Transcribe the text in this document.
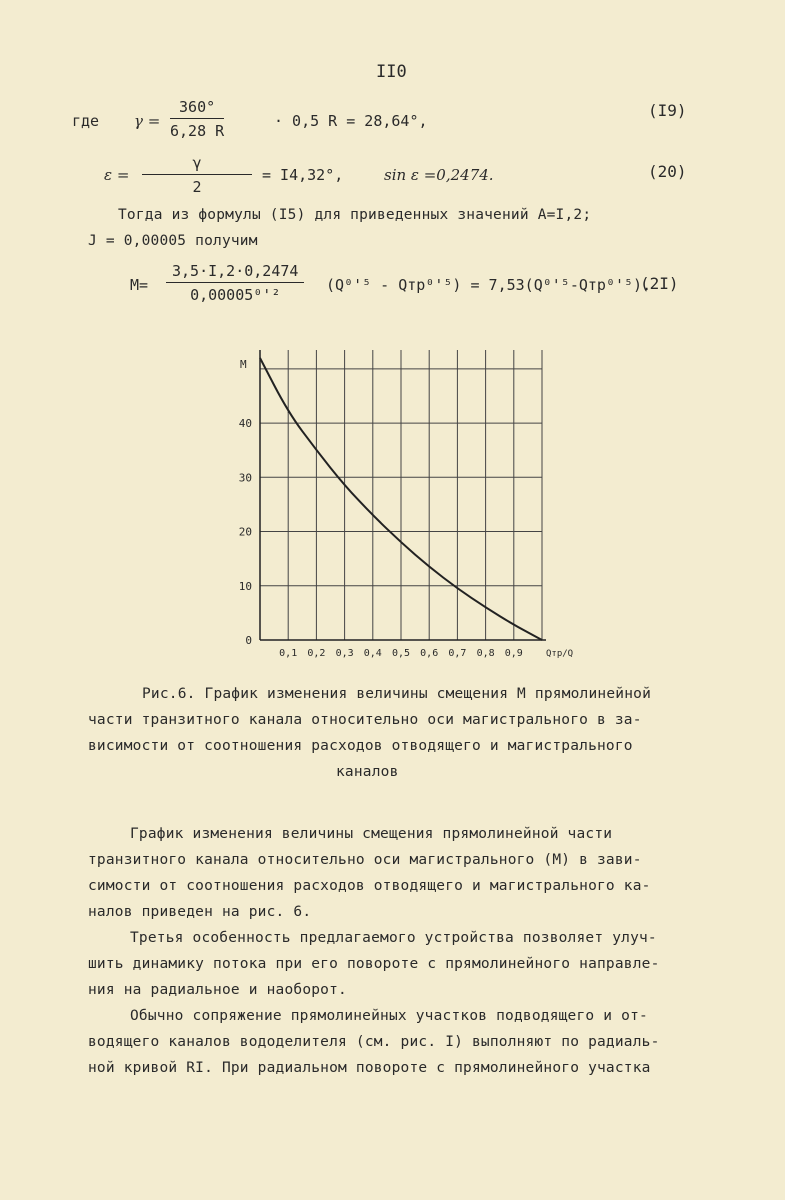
II0
где $\gamma = \frac{360^\circ}{6,28 R}$	· 0,5 R = 28,64°,
(I9)
$\varepsilon = \frac{\gamma}{2} = I4,32^\circ$,	sin ε =0,2474.	(20)
Тогда из формулы (I5) для приведенных значений A=I,2;
J = 0,00005 получим
$M= \frac{3,5\cdot I,2\cdot 0,2474}{\text{0,00005⁰'²}} (Q^0'^5 - Qтр^0'^5) = 7,53(Q^0'^5-Qтр^0'^5)$.
(2I)
0,1 0,2 0,3 0,4 0,5 0,6 0,7 0,8 0,9
0
10
20
30
40
M
Qтр/Q
Рис.6. График изменения величины смещения М прямолинейной
части транзитного канала относительно оси магистрального в за-
висимости от соотношения расходов отводящего и магистрального
каналов
График изменения величины смещения прямолинейной части
транзитного канала относительно оси магистрального (М) в зави-
симости от соотношения расходов отводящего и магистрального ка-
налов приведен на рис. 6.
Третья особенность предлагаемого устройства позволяет улуч-
шить динамику потока при его повороте с прямолинейного направле-
ния на радиальное и наоборот.
Обычно сопряжение прямолинейных участков подводящего и от-
водящего каналов вододелителя (см. рис. I) выполняют по радиаль-
ной кривой RI. При радиальном повороте с прямолинейного участка
